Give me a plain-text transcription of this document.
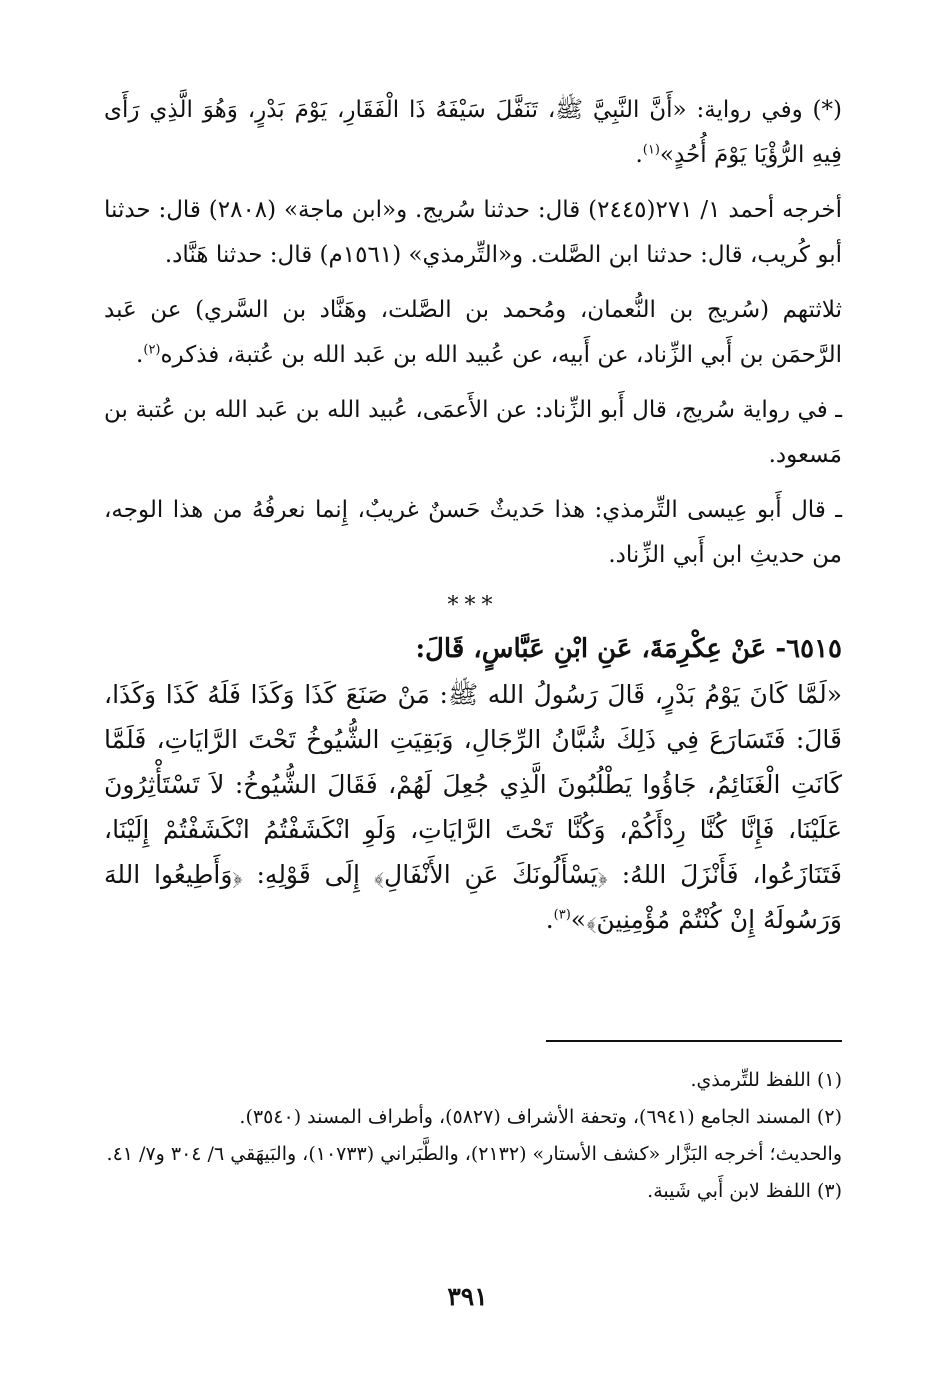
(*) وفي رواية: «أَنَّ النَّبِيَّ ﷺ، تَنَفَّلَ سَيْفَهُ ذَا الْفَقَارِ، يَوْمَ بَدْرٍ، وَهُوَ الَّذِي رَأَى فِيهِ الرُّؤْيَا يَوْمَ أُحُدٍ»$^{(١)}$.

أخرجه أحمد ١/ ٢٧١(٢٤٤٥) قال: حدثنا سُريج. و«ابن ماجة» (٢٨٠٨) قال: حدثنا أبو كُريب، قال: حدثنا ابن الصَّلت. و«التِّرمذي» (١٥٦١م) قال: حدثنا هَنَّاد.

ثلاثتهم (سُريج بن النُّعمان، ومُحمد بن الصَّلت، وهَنَّاد بن السَّري) عن عَبد الرَّحمَن بن أَبي الزِّناد، عن أَبيه، عن عُبيد الله بن عَبد الله بن عُتبة، فذكره$^{(٢)}$.

ـ في رواية سُريج، قال أَبو الزِّناد: عن الأَعمَى، عُبيد الله بن عَبد الله بن عُتبة بن مَسعود.

ـ قال أَبو عِيسى التِّرمذي: هذا حَديثٌ حَسنٌ غريبٌ، إِنما نعرفُهُ من هذا الوجه، من حديثِ ابن أَبي الزِّناد.

***

٦٥١٥- عَنْ عِكْرِمَةَ، عَنِ ابْنِ عَبَّاسٍ، قَالَ:

«لَمَّا كَانَ يَوْمُ بَدْرٍ، قَالَ رَسُولُ الله ﷺ: مَنْ صَنَعَ كَذَا وَكَذَا فَلَهُ كَذَا وَكَذَا، قَالَ: فَتَسَارَعَ فِي ذَلِكَ شُبَّانُ الرِّجَالِ، وَبَقِيَتِ الشُّيُوخُ تَحْتَ الرَّايَاتِ، فَلَمَّا كَانَتِ الْغَنَائِمُ، جَاؤُوا يَطْلُبُونَ الَّذِي جُعِلَ لَهُمْ، فَقَالَ الشُّيُوخُ: لاَ تَسْتَأْثِرُونَ عَلَيْنَا، فَإِنَّا كُنَّا رِدْأَكُمْ، وَكُنَّا تَحْتَ الرَّايَاتِ، وَلَوِ انْكَشَفْتُمُ انْكَشَفْتُمْ إِلَيْنَا، فَتَنَازَعُوا، فَأَنْزَلَ اللهُ: ﴿يَسْأَلُونَكَ عَنِ الأَنْفَالِ﴾ إِلَى قَوْلِهِ: ﴿وَأَطِيعُوا اللهَ وَرَسُولَهُ إِنْ كُنْتُمْ مُؤْمِنِينَ﴾»$^{(٣)}$.

(١) اللفظ للتِّرمذي.

(٢) المسند الجامع (٦٩٤١)، وتحفة الأشراف (٥٨٢٧)، وأطراف المسند (٣٥٤٠).

والحديث؛ أخرجه البَزَّار «كشف الأستار» (٢١٣٢)، والطَّبَراني (١٠٧٣٣)، والبَيهَقي ٦/ ٣٠٤ و٧/ ٤١.

(٣) اللفظ لابن أَبي شَيبة.

٣٩١
